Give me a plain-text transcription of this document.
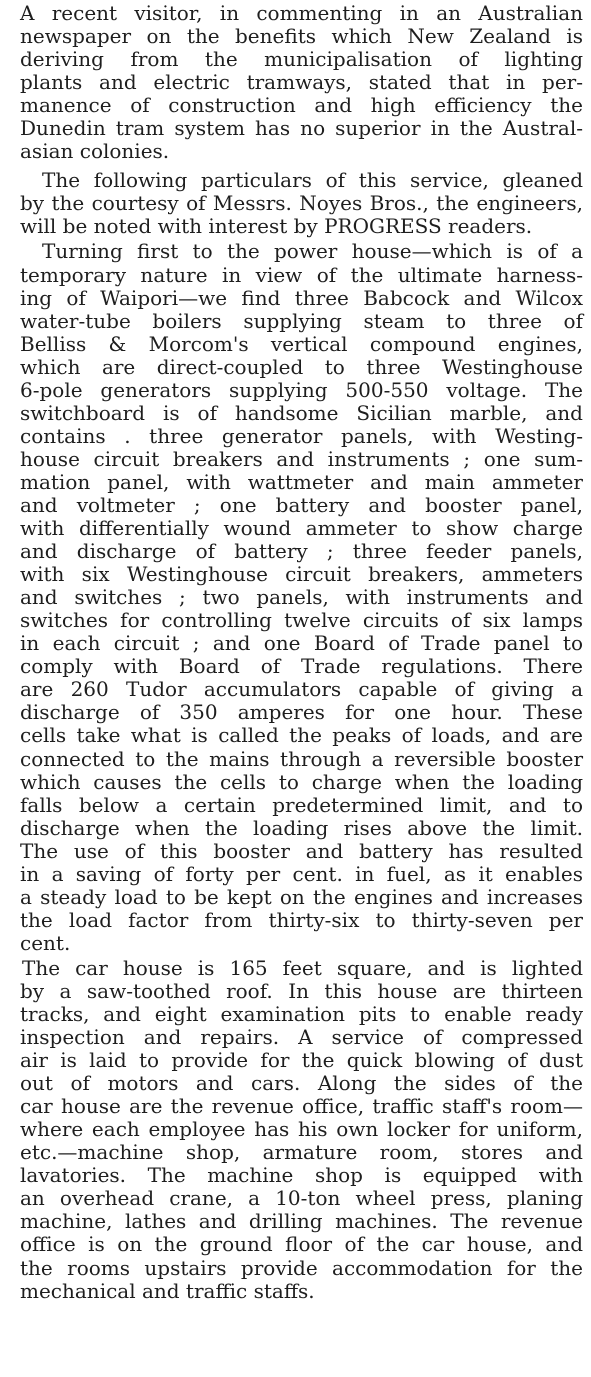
A recent visitor, in commenting in an Australian
newspaper on the benefits which New Zealand is
deriving from the municipalisation of lighting
plants and electric tramways, stated that in per-
manence of construction and high efficiency the
Dunedin tram system has no superior in the Austral-
asian colonies.
The following particulars of this service, gleaned
by the courtesy of Messrs. Noyes Bros., the engineers,
will be noted with interest by PROGRESS readers.
Turning first to the power house—which is of a
temporary nature in view of the ultimate harness-
ing of Waipori—we find three Babcock and Wilcox
water-tube boilers supplying steam to three of
Belliss & Morcom's vertical compound engines,
which are direct-coupled to three Westinghouse
6-pole generators supplying 500-550 voltage. The
switchboard is of handsome Sicilian marble, and
contains . three generator panels, with Westing-
house circuit breakers and instruments ; one sum-
mation panel, with wattmeter and main ammeter
and voltmeter ; one battery and booster panel,
with differentially wound ammeter to show charge
and discharge of battery ; three feeder panels,
with six Westinghouse circuit breakers, ammeters
and switches ; two panels, with instruments and
switches for controlling twelve circuits of six lamps
in each circuit ; and one Board of Trade panel to
comply with Board of Trade regulations. There
are 260 Tudor accumulators capable of giving a
discharge of 350 amperes for one hour. These
cells take what is called the peaks of loads, and are
connected to the mains through a reversible booster
which causes the cells to charge when the loading
falls below a certain predetermined limit, and to
discharge when the loading rises above the limit.
The use of this booster and battery has resulted
in a saving of forty per cent. in fuel, as it enables
a steady load to be kept on the engines and increases
the load factor from thirty-six to thirty-seven per
cent.
The car house is 165 feet square, and is lighted
by a saw-toothed roof. In this house are thirteen
tracks, and eight examination pits to enable ready
inspection and repairs. A service of compressed
air is laid to provide for the quick blowing of dust
out of motors and cars. Along the sides of the
car house are the revenue office, traffic staff's room—
where each employee has his own locker for uniform,
etc.—machine shop, armature room, stores and
lavatories. The machine shop is equipped with
an overhead crane, a 10-ton wheel press, planing
machine, lathes and drilling machines. The revenue
office is on the ground floor of the car house, and
the rooms upstairs provide accommodation for the
mechanical and traffic staffs.
